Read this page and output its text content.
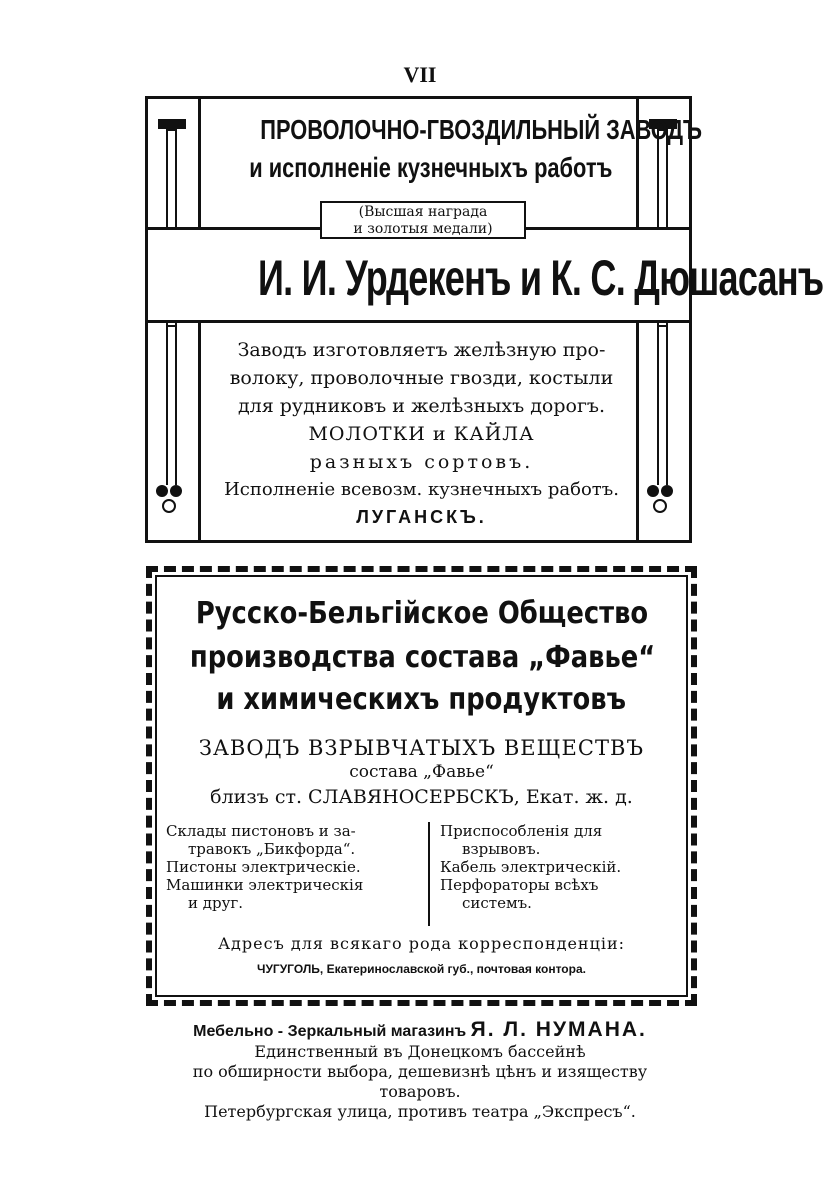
VII
ПРОВОЛОЧНО-ГВОЗДИЛЬНЫЙ ЗАВОДЪ
и исполненіе кузнечныхъ работъ
(Высшая награда
и золотыя медали)
И. И. Урдекенъ и К. С. Дюшасанъ
Заводъ изготовляетъ желѣзную про-
волоку, проволочные гвозди, костыли
для рудниковъ и желѣзныхъ дорогъ.
МОЛОТКИ и КАЙЛА
разныхъ сортовъ.
Исполненіе всевозм. кузнечныхъ работъ.
ЛУГАНСКЪ.
Русско-Бельгійское Общество
производства состава „Фавье“
и химическихъ продуктовъ
ЗАВОДЪ ВЗРЫВЧАТЫХЪ ВЕЩЕСТВЪ
состава „Фавье“
близъ ст. СЛАВЯНОСЕРБСКЪ, Екат. ж. д.
Склады пистоновъ и за-
травокъ „Бикфорда“.
Пистоны электрическіе.
Машинки электрическія
и друг.
Приспособленія для
взрывовъ.
Кабель электрическій.
Перфораторы всѣхъ
системъ.
Адресъ для всякаго рода корреспонденціи:
ЧУГУГОЛЬ, Екатеринославской губ., почтовая контора.
Мебельно - Зеркальный магазинъ Я. Л. НУМАНА.
Единственный въ Донецкомъ бассейнѣ
по обширности выбора, дешевизнѣ цѣнъ и изяществу
товаровъ.
Петербургская улица, противъ театра „Экспресъ“.
